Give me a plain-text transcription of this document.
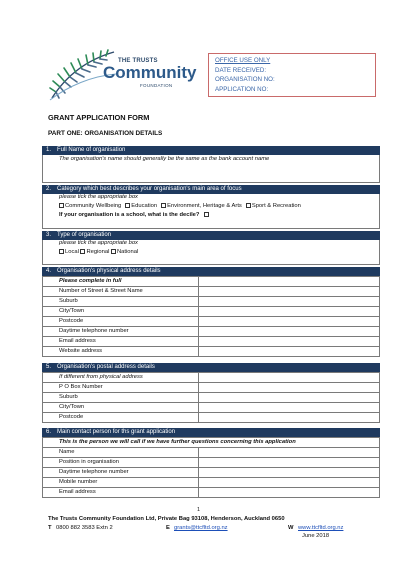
THE TRUSTS
Community
FOUNDATION
OFFICE USE ONLY
DATE RECEIVED:
ORGANISATION NO:
APPLICATION NO:
GRANT APPLICATION FORM
PART ONE: ORGANISATION DETAILS
1. Full Name of organisation
The organisation's name should generally be the same as the bank account name
2. Category which best describes your organisation's main area of focus
please tick the appropriate box
Community Wellbeing Education Environment, Heritage & Arts Sport & Recreation
If your organisation is a school, what is the decile?
3. Type of organisation
please tick the appropriate box
Local Regional National
4. Organisation's physical address details
Please complete in full	
Number of Street & Street Name	
Suburb	
City/Town	
Postcode	
Daytime telephone number	
Email address	
Website address	
5. Organisation's postal address details
If different from physical address	
P O Box Number	
Suburb	
City/Town	
Postcode	
6. Main contact person for ths grant application
This is the person we will call if we have further questions concerning this application	
Name	
Position in organisation	
Daytime telephone number	
Mobile number	
Email address	
1
The Trusts Community Foundation Ltd, Private Bag 93108, Henderson, Auckland 0650
T 0800 882 3583 Extn 2	E grants@ttcfltd.org.nz	W www.ttcfltd.org.nz
June 2018
